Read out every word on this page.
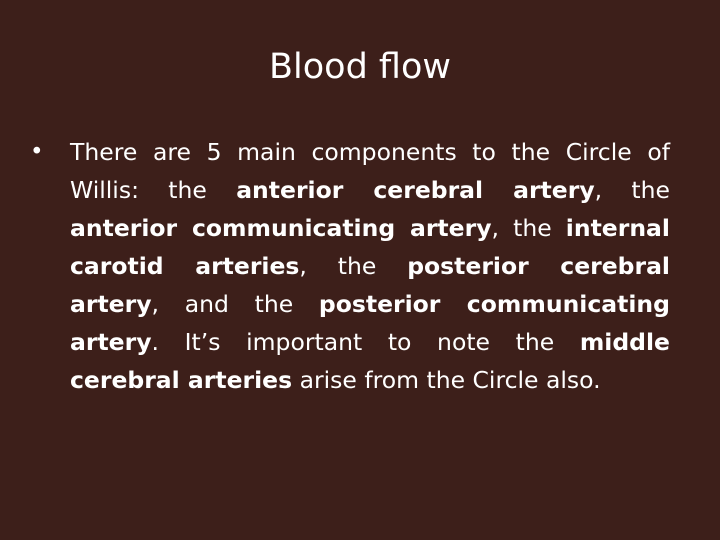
Blood flow
• There are 5 main components to the Circle of Willis: the anterior cerebral artery, the anterior communicating artery, the internal carotid arteries, the posterior cerebral artery, and the posterior communicating artery. It’s important to note the middle cerebral arteries arise from the Circle also.
